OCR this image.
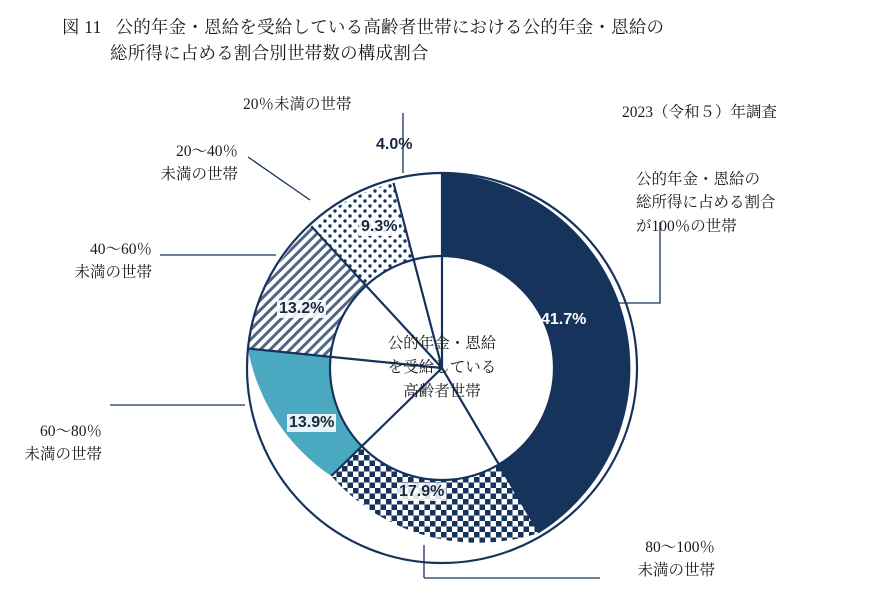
図 11 公的年金・恩給を受給している高齢者世帯における公的年金・恩給の
総所得に占める割合別世帯数の構成割合
2023（令和５）年調査
公的年金・恩給
を受給している
高齢者世帯
41.7%
17.9%
13.9%
13.2%
9.3%
4.0%
20％未満の世帯
20～40％
未満の世帯
40～60％
未満の世帯
60～80％
未満の世帯
80～100％
未満の世帯
公的年金・恩給の
総所得に占める割合
が100％の世帯
